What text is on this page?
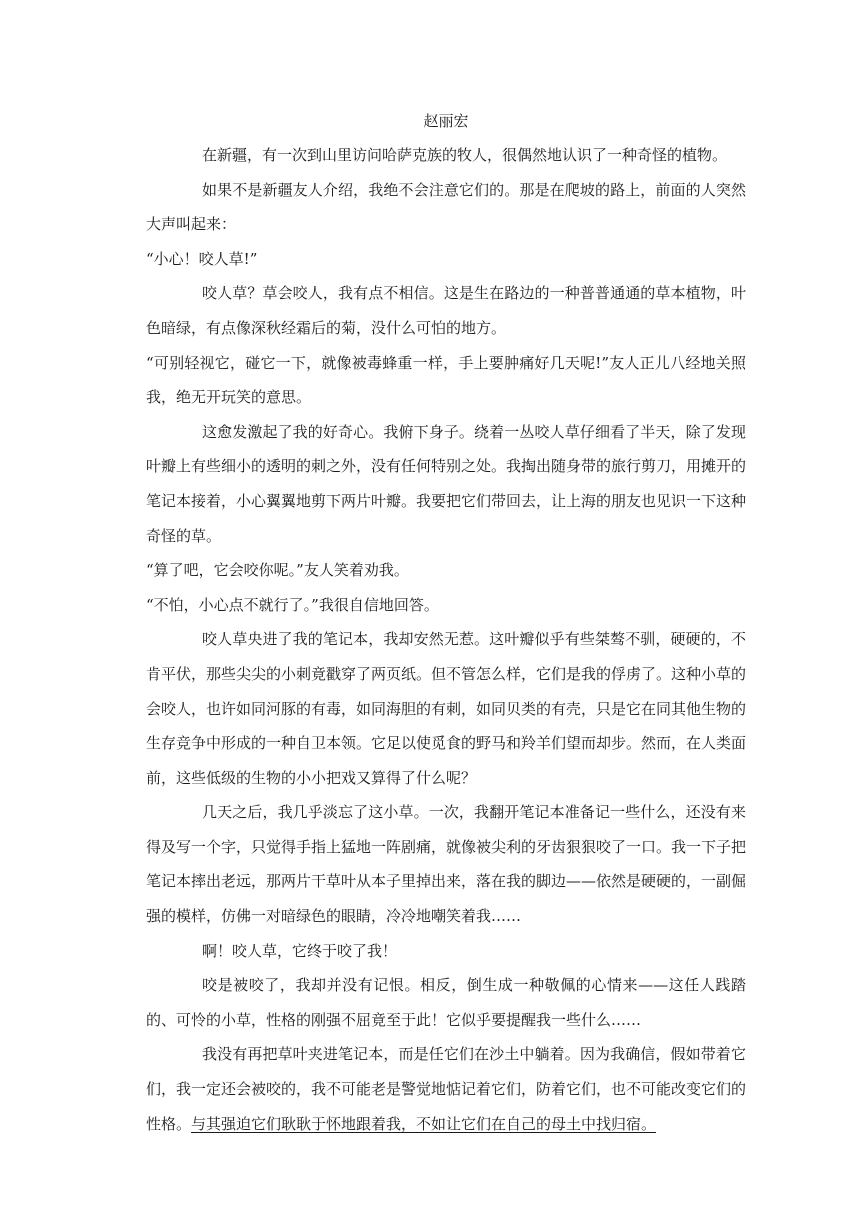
赵丽宏

在新疆，有一次到山里访问哈萨克族的牧人，很偶然地认识了一种奇怪的植物。

如果不是新疆友人介绍，我绝不会注意它们的。那是在爬坡的路上，前面的人突然大声叫起来：

“小心！咬人草!”

咬人草？草会咬人，我有点不相信。这是生在路边的一种普普通通的草本植物，叶色暗绿，有点像深秋经霜后的菊，没什么可怕的地方。

“可别轻视它，碰它一下，就像被毒蜂重一样，手上要肿痛好几天呢!”友人正儿八经地关照我，绝无开玩笑的意思。

这愈发激起了我的好奇心。我俯下身子。绕着一丛咬人草仔细看了半天，除了发现叶瓣上有些细小的透明的刺之外，没有任何特别之处。我掏出随身带的旅行剪刀，用摊开的笔记本接着，小心翼翼地剪下两片叶瓣。我要把它们带回去，让上海的朋友也见识一下这种奇怪的草。

“算了吧，它会咬你呢。”友人笑着劝我。

“不怕，小心点不就行了。”我很自信地回答。

咬人草央进了我的笔记本，我却安然无惹。这叶瓣似乎有些桀骜不驯，硬硬的，不肯平伏，那些尖尖的小刺竟戳穿了两页纸。但不管怎么样，它们是我的俘虏了。这种小草的会咬人，也许如同河豚的有毒，如同海胆的有刺，如同贝类的有壳，只是它在同其他生物的生存竞争中形成的一种自卫本领。它足以使觅食的野马和羚羊们望而却步。然而，在人类面前，这些低级的生物的小小把戏又算得了什么呢？

几天之后，我几乎淡忘了这小草。一次，我翻开笔记本准备记一些什么，还没有来得及写一个字，只觉得手指上猛地一阵剧痛，就像被尖利的牙齿狠狠咬了一口。我一下子把笔记本摔出老远，那两片干草叶从本子里掉出来，落在我的脚边——依然是硬硬的，一副倔强的模样，仿佛一对暗绿色的眼睛，冷冷地嘲笑着我……

啊！咬人草，它终于咬了我！

咬是被咬了，我却并没有记恨。相反，倒生成一种敬佩的心情来——这任人践踏的、可怜的小草，性格的刚强不屈竟至于此！它似乎要提醒我一些什么……

我没有再把草叶夹进笔记本，而是任它们在沙土中躺着。因为我确信，假如带着它们，我一定还会被咬的，我不可能老是警觉地惦记着它们，防着它们，也不可能改变它们的性格。与其强迫它们耿耿于怀地跟着我，不如让它们在自己的母土中找归宿。
